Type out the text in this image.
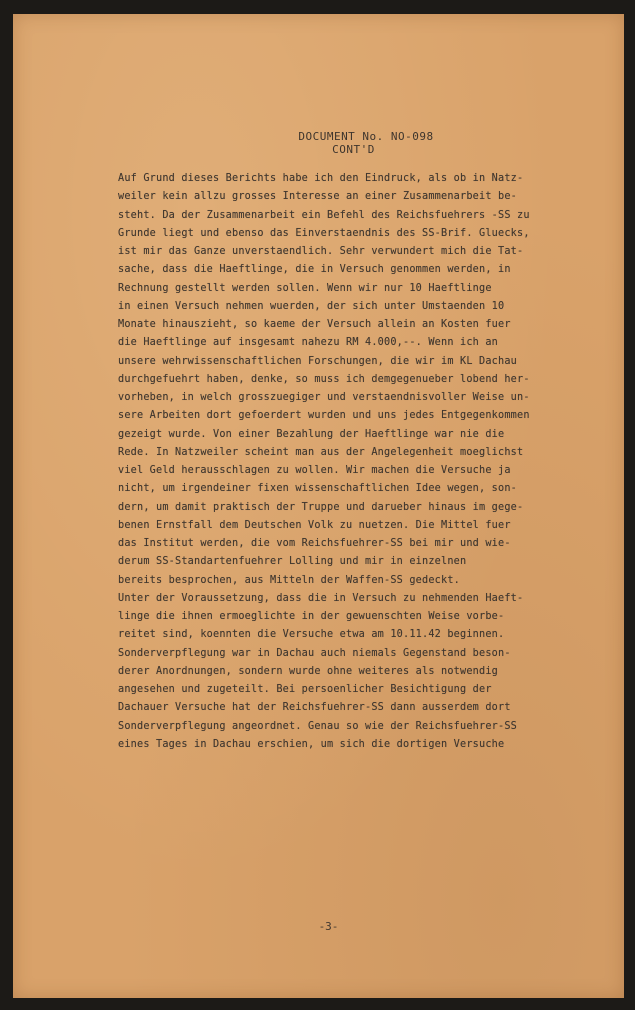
DOCUMENT No. NO-098
CONT'D
Auf Grund dieses Berichts habe ich den Eindruck, als ob in Natz-
weiler kein allzu grosses Interesse an einer Zusammenarbeit be-
steht. Da der Zusammenarbeit ein Befehl des Reichsfuehrers -SS zu
Grunde liegt und ebenso das Einverstaendnis des SS-Brif. Gluecks,
ist mir das Ganze unverstaendlich. Sehr verwundert mich die Tat-
sache, dass die Haeftlinge, die in Versuch genommen werden, in
Rechnung gestellt werden sollen. Wenn wir nur 10 Haeftlinge
in einen Versuch nehmen wuerden, der sich unter Umstaenden 10
Monate hinauszieht, so kaeme der Versuch allein an Kosten fuer
die Haeftlinge auf insgesamt nahezu RM 4.000,--. Wenn ich an
unsere wehrwissenschaftlichen Forschungen, die wir im KL Dachau
durchgefuehrt haben, denke, so muss ich demgegenueber lobend her-
vorheben, in welch grosszuegiger und verstaendnisvoller Weise un-
sere Arbeiten dort gefoerdert wurden und uns jedes Entgegenkommen
gezeigt wurde. Von einer Bezahlung der Haeftlinge war nie die
Rede. In Natzweiler scheint man aus der Angelegenheit moeglichst
viel Geld herausschlagen zu wollen. Wir machen die Versuche ja
nicht, um irgendeiner fixen wissenschaftlichen Idee wegen, son-
dern, um damit praktisch der Truppe und darueber hinaus im gege-
benen Ernstfall dem Deutschen Volk zu nuetzen. Die Mittel fuer
das Institut werden, die vom Reichsfuehrer-SS bei mir und wie-
derum SS-Standartenfuehrer Lolling und mir in einzelnen
bereits besprochen, aus Mitteln der Waffen-SS gedeckt.
Unter der Voraussetzung, dass die in Versuch zu nehmenden Haeft-
linge die ihnen ermoeglichte in der gewuenschten Weise vorbe-
reitet sind, koennten die Versuche etwa am 10.11.42 beginnen.
Sonderverpflegung war in Dachau auch niemals Gegenstand beson-
derer Anordnungen, sondern wurde ohne weiteres als notwendig
angesehen und zugeteilt. Bei persoenlicher Besichtigung der
Dachauer Versuche hat der Reichsfuehrer-SS dann ausserdem dort
Sonderverpflegung angeordnet. Genau so wie der Reichsfuehrer-SS
eines Tages in Dachau erschien, um sich die dortigen Versuche
-3-
